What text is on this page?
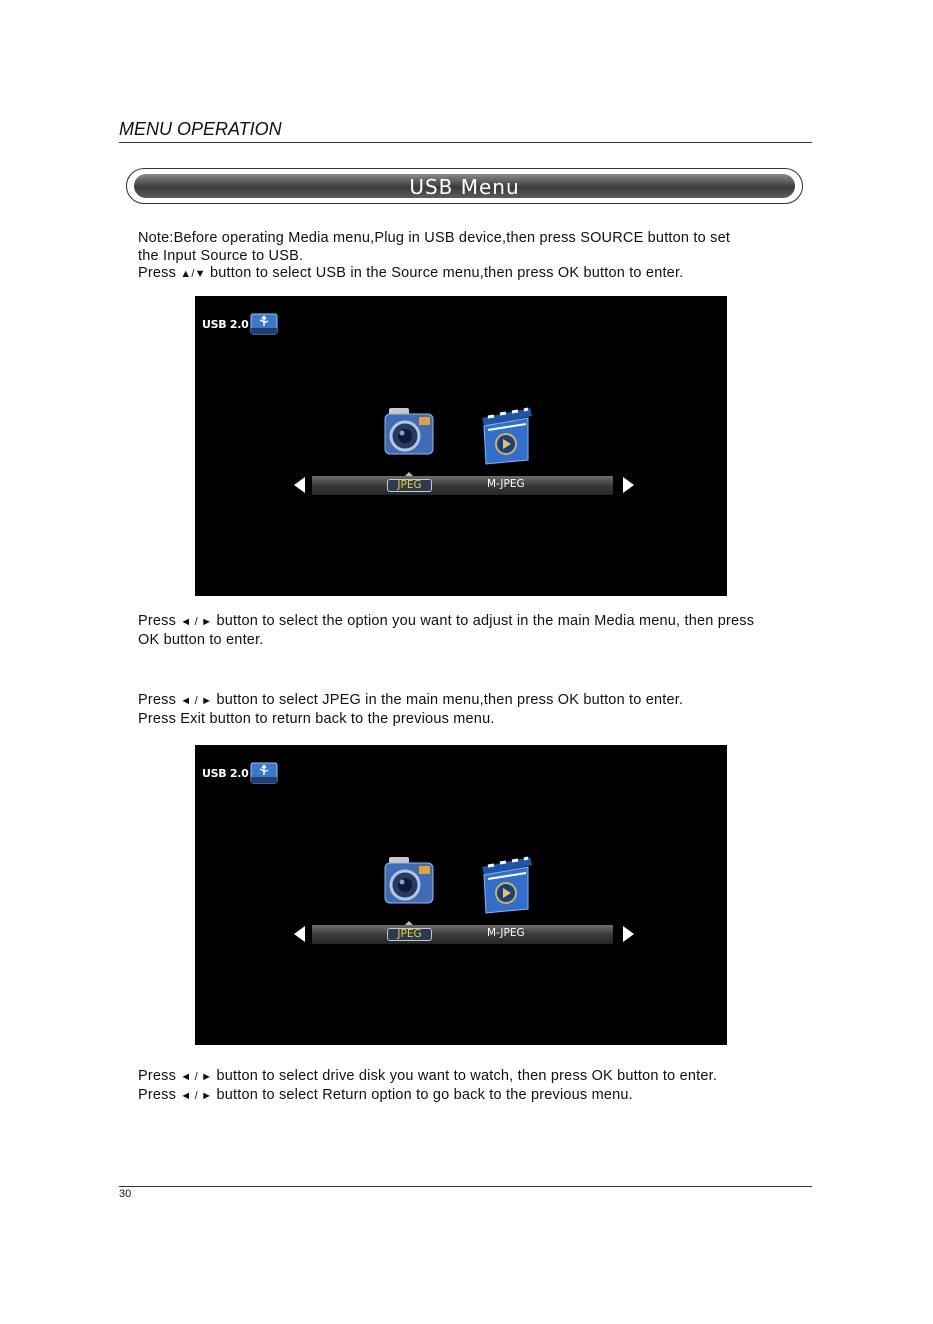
MENU OPERATION
USB Menu
Note:Before operating Media menu,Plug in USB device,then press SOURCE button to set
the Input Source to USB.
Press ▲/▼ button to select USB in the Source menu,then press OK button to enter.
USB 2.0
JPEG	M-JPEG
Press ◄ / ► button to select the option you want to adjust in the main Media menu, then press
OK button to enter.
Press ◄ / ► button to select JPEG in the main menu,then press OK button to enter.
Press Exit button to return back to the previous menu.
USB 2.0
JPEG	M-JPEG
Press ◄ / ► button to select drive disk you want to watch, then press OK button to enter.
Press ◄ / ► button to select Return option to go back to the previous menu.
30
